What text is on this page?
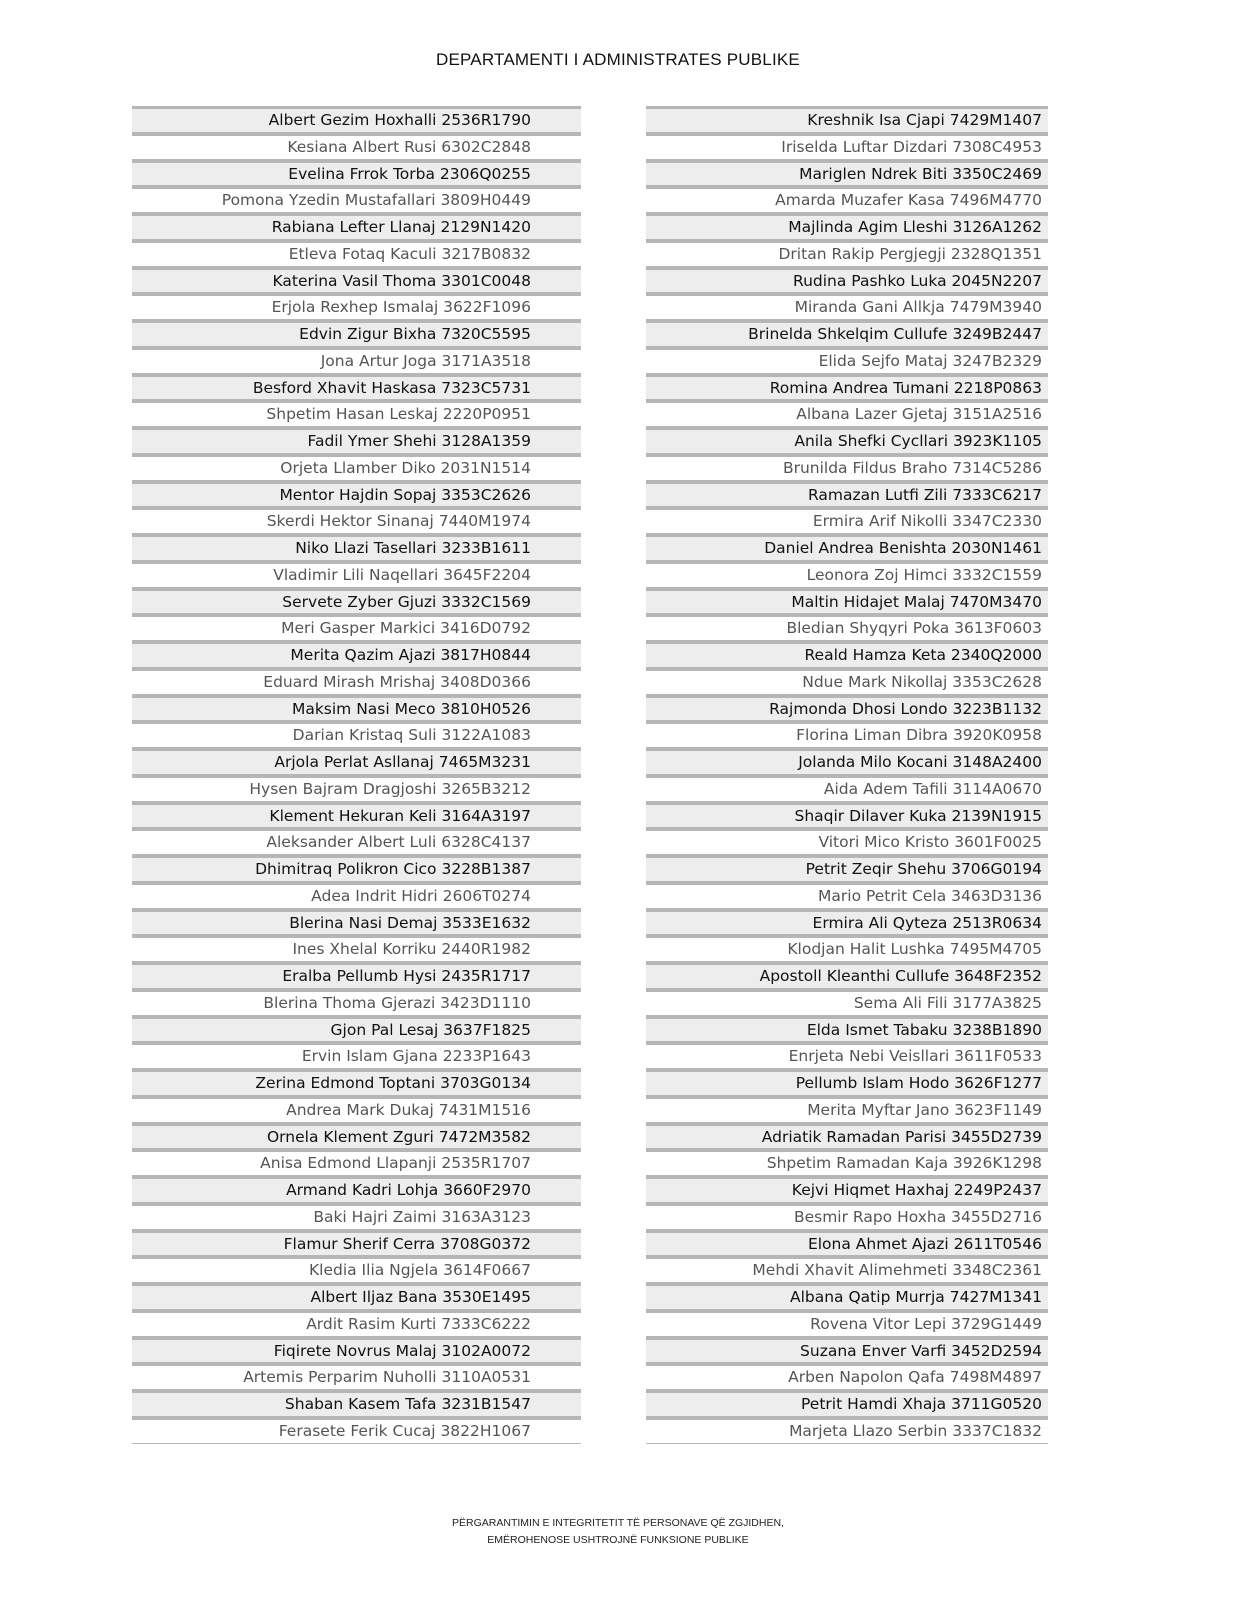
DEPARTAMENTI I ADMINISTRATES PUBLIKE
Albert Gezim Hoxhalli 2536R1790
Kesiana Albert Rusi 6302C2848
Evelina Frrok Torba 2306Q0255
Pomona Yzedin Mustafallari 3809H0449
Rabiana Lefter Llanaj 2129N1420
Etleva Fotaq Kaculi 3217B0832
Katerina Vasil Thoma 3301C0048
Erjola Rexhep Ismalaj 3622F1096
Edvin Zigur Bixha 7320C5595
Jona Artur Joga 3171A3518
Besford Xhavit Haskasa 7323C5731
Shpetim Hasan Leskaj 2220P0951
Fadil Ymer Shehi 3128A1359
Orjeta Llamber Diko 2031N1514
Mentor Hajdin Sopaj 3353C2626
Skerdi Hektor Sinanaj 7440M1974
Niko Llazi Tasellari 3233B1611
Vladimir Lili Naqellari 3645F2204
Servete Zyber Gjuzi 3332C1569
Meri Gasper Markici 3416D0792
Merita Qazim Ajazi 3817H0844
Eduard Mirash Mrishaj 3408D0366
Maksim Nasi Meco 3810H0526
Darian Kristaq Suli 3122A1083
Arjola Perlat Asllanaj 7465M3231
Hysen Bajram Dragjoshi 3265B3212
Klement Hekuran Keli 3164A3197
Aleksander Albert Luli 6328C4137
Dhimitraq Polikron Cico 3228B1387
Adea Indrit Hidri 2606T0274
Blerina Nasi Demaj 3533E1632
Ines Xhelal Korriku 2440R1982
Eralba Pellumb Hysi 2435R1717
Blerina Thoma Gjerazi 3423D1110
Gjon Pal Lesaj 3637F1825
Ervin Islam Gjana 2233P1643
Zerina Edmond Toptani 3703G0134
Andrea Mark Dukaj 7431M1516
Ornela Klement Zguri 7472M3582
Anisa Edmond Llapanji 2535R1707
Armand Kadri Lohja 3660F2970
Baki Hajri Zaimi 3163A3123
Flamur Sherif Cerra 3708G0372
Kledia Ilia Ngjela 3614F0667
Albert Iljaz Bana 3530E1495
Ardit Rasim Kurti 7333C6222
Fiqirete Novrus Malaj 3102A0072
Artemis Perparim Nuholli 3110A0531
Shaban Kasem Tafa 3231B1547
Ferasete Ferik Cucaj 3822H1067
Kreshnik Isa Cjapi 7429M1407
Iriselda Luftar Dizdari 7308C4953
Mariglen Ndrek Biti 3350C2469
Amarda Muzafer Kasa 7496M4770
Majlinda Agim Lleshi 3126A1262
Dritan Rakip Pergjegji 2328Q1351
Rudina Pashko Luka 2045N2207
Miranda Gani Allkja 7479M3940
Brinelda Shkelqim Cullufe 3249B2447
Elida Sejfo Mataj 3247B2329
Romina Andrea Tumani 2218P0863
Albana Lazer Gjetaj 3151A2516
Anila Shefki Cycllari 3923K1105
Brunilda Fildus Braho 7314C5286
Ramazan Lutfi Zili 7333C6217
Ermira Arif Nikolli 3347C2330
Daniel Andrea Benishta 2030N1461
Leonora Zoj Himci 3332C1559
Maltin Hidajet Malaj 7470M3470
Bledian Shyqyri Poka 3613F0603
Reald Hamza Keta 2340Q2000
Ndue Mark Nikollaj 3353C2628
Rajmonda Dhosi Londo 3223B1132
Florina Liman Dibra 3920K0958
Jolanda Milo Kocani 3148A2400
Aida Adem Tafili 3114A0670
Shaqir Dilaver Kuka 2139N1915
Vitori Mico Kristo 3601F0025
Petrit Zeqir Shehu 3706G0194
Mario Petrit Cela 3463D3136
Ermira Ali Qyteza 2513R0634
Klodjan Halit Lushka 7495M4705
Apostoll Kleanthi Cullufe 3648F2352
Sema Ali Fili 3177A3825
Elda Ismet Tabaku 3238B1890
Enrjeta Nebi Veisllari 3611F0533
Pellumb Islam Hodo 3626F1277
Merita Myftar Jano 3623F1149
Adriatik Ramadan Parisi 3455D2739
Shpetim Ramadan Kaja 3926K1298
Kejvi Hiqmet Haxhaj 2249P2437
Besmir Rapo Hoxha 3455D2716
Elona Ahmet Ajazi 2611T0546
Mehdi Xhavit Alimehmeti 3348C2361
Albana Qatip Murrja 7427M1341
Rovena Vitor Lepi 3729G1449
Suzana Enver Varfi 3452D2594
Arben Napolon Qafa 7498M4897
Petrit Hamdi Xhaja 3711G0520
Marjeta Llazo Serbin 3337C1832
PËRGARANTIMIN E INTEGRITETIT TË PERSONAVE QË ZGJIDHEN,
EMËROHENOSE USHTROJNË FUNKSIONE PUBLIKE
